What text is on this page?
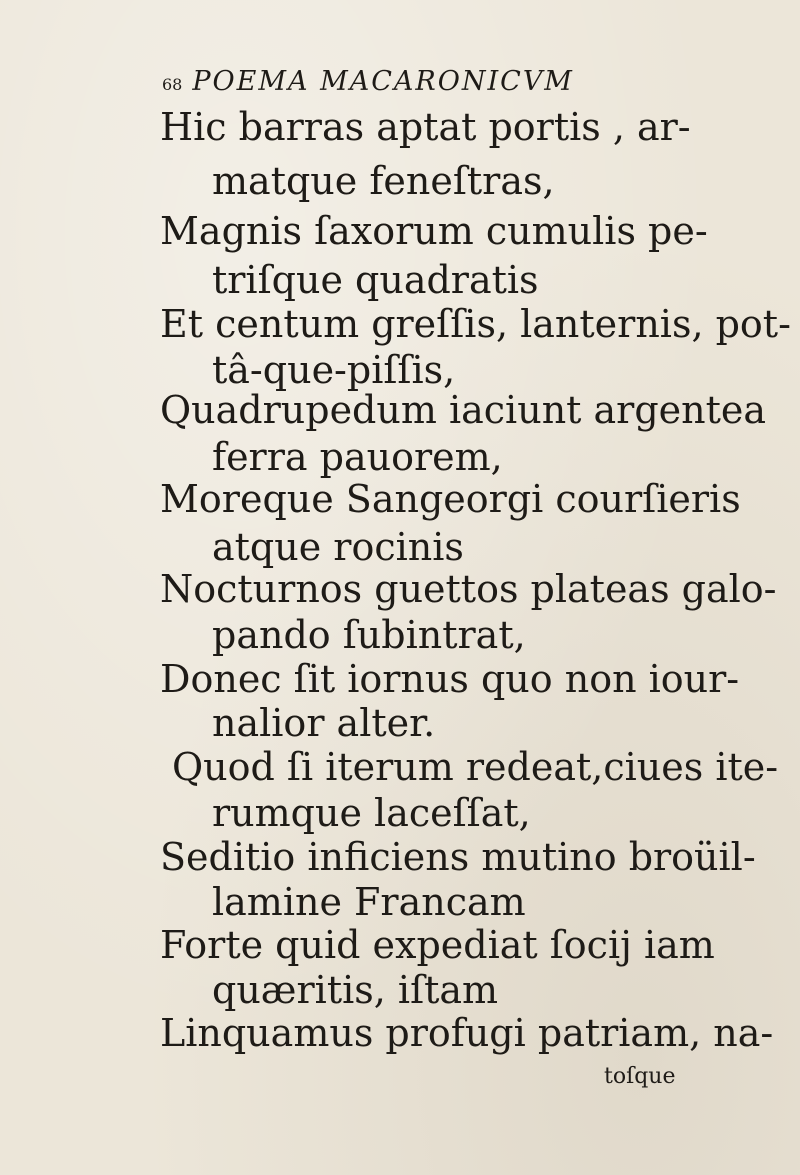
68 POEMA MACARONICVM
Hic barras aptat portis , ar-
matque feneſtras,
Magnis ſaxorum cumulis pe-
triſque quadratis
Et centum greſſis, lanternis, pot-
tâ-que-piſſis,
Quadrupedum iaciunt argentea
ferra pauorem,
Moreque Sangeorgi courſieris
atque rocinis
Nocturnos guettos plateas galo-
pando ſubintrat,
Donec ſit iornus quo non iour-
nalior alter.
Quod ſi iterum redeat,ciues ite-
rumque laceſſat,
Seditio inficiens mutino broüil-
lamine Francam
Forte quid expediat ſocij iam
quæritis, iſtam
Linquamus profugi patriam, na-
toſque
